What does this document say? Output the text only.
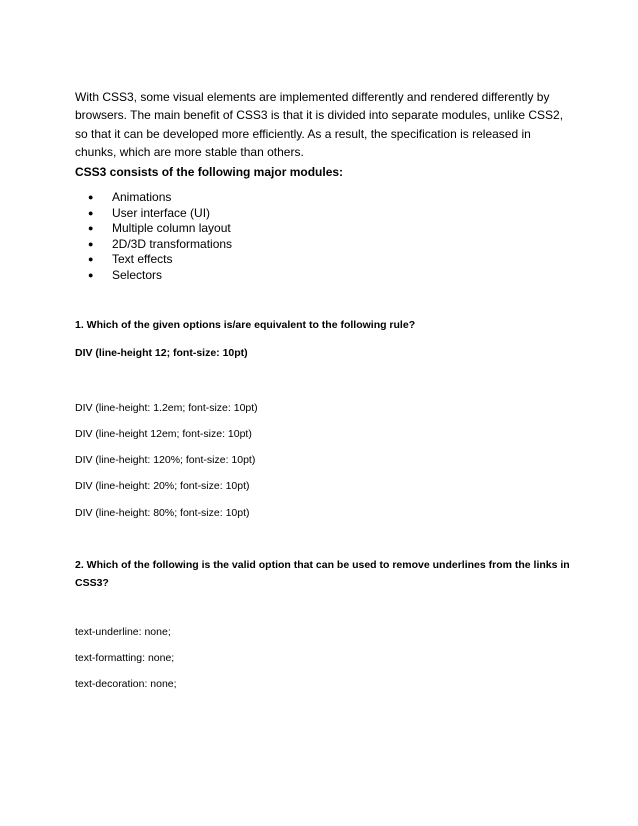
With CSS3, some visual elements are implemented differently and rendered differently by browsers. The main benefit of CSS3 is that it is divided into separate modules, unlike CSS2, so that it can be developed more efficiently. As a result, the specification is released in chunks, which are more stable than others.

CSS3 consists of the following major modules:

● Animations
● User interface (UI)
● Multiple column layout
● 2D/3D transformations
● Text effects
● Selectors

1. Which of the given options is/are equivalent to the following rule?

DIV (line-height 12; font-size: 10pt)

DIV (line-height: 1.2em; font-size: 10pt)

DIV (line-height 12em; font-size: 10pt)

DIV (line-height: 120%; font-size: 10pt)

DIV (line-height: 20%; font-size: 10pt)

DIV (line-height: 80%; font-size: 10pt)

2. Which of the following is the valid option that can be used to remove underlines from the links in CSS3?

text-underline: none;

text-formatting: none;

text-decoration: none;
